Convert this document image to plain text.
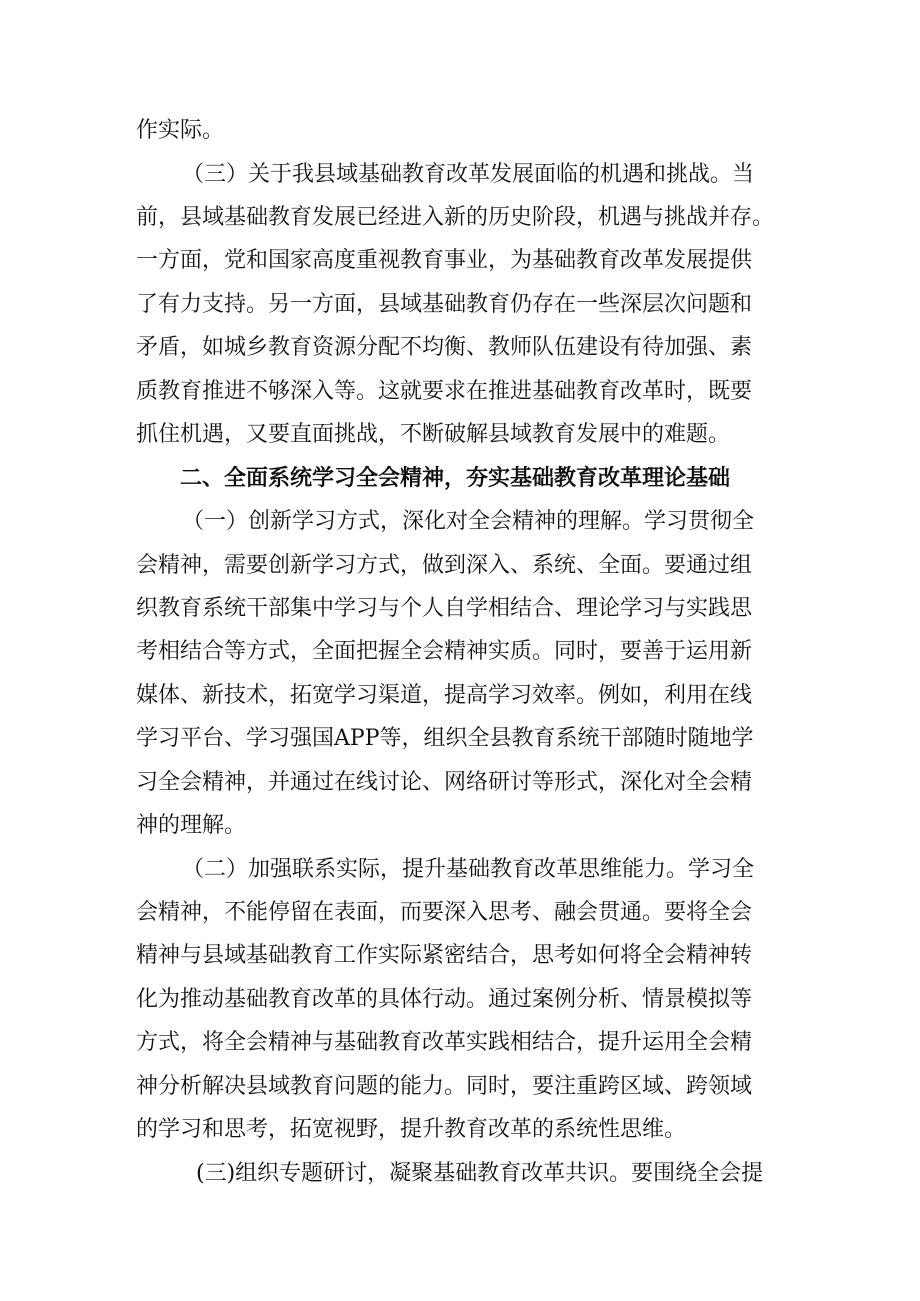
作实际。
（三）关于我县域基础教育改革发展面临的机遇和挑战。当
前，县域基础教育发展已经进入新的历史阶段，机遇与挑战并存。
一方面，党和国家高度重视教育事业，为基础教育改革发展提供
了有力支持。另一方面，县域基础教育仍存在一些深层次问题和
矛盾，如城乡教育资源分配不均衡、教师队伍建设有待加强、素
质教育推进不够深入等。这就要求在推进基础教育改革时，既要
抓住机遇，又要直面挑战，不断破解县域教育发展中的难题。
二、全面系统学习全会精神，夯实基础教育改革理论基础
（一）创新学习方式，深化对全会精神的理解。学习贯彻全
会精神，需要创新学习方式，做到深入、系统、全面。要通过组
织教育系统干部集中学习与个人自学相结合、理论学习与实践思
考相结合等方式，全面把握全会精神实质。同时，要善于运用新
媒体、新技术，拓宽学习渠道，提高学习效率。例如，利用在线
学习平台、学习强国APP等，组织全县教育系统干部随时随地学
习全会精神，并通过在线讨论、网络研讨等形式，深化对全会精
神的理解。
（二）加强联系实际，提升基础教育改革思维能力。学习全
会精神，不能停留在表面，而要深入思考、融会贯通。要将全会
精神与县域基础教育工作实际紧密结合，思考如何将全会精神转
化为推动基础教育改革的具体行动。通过案例分析、情景模拟等
方式，将全会精神与基础教育改革实践相结合，提升运用全会精
神分析解决县域教育问题的能力。同时，要注重跨区域、跨领域
的学习和思考，拓宽视野，提升教育改革的系统性思维。
(三)组织专题研讨，凝聚基础教育改革共识。要围绕全会提
